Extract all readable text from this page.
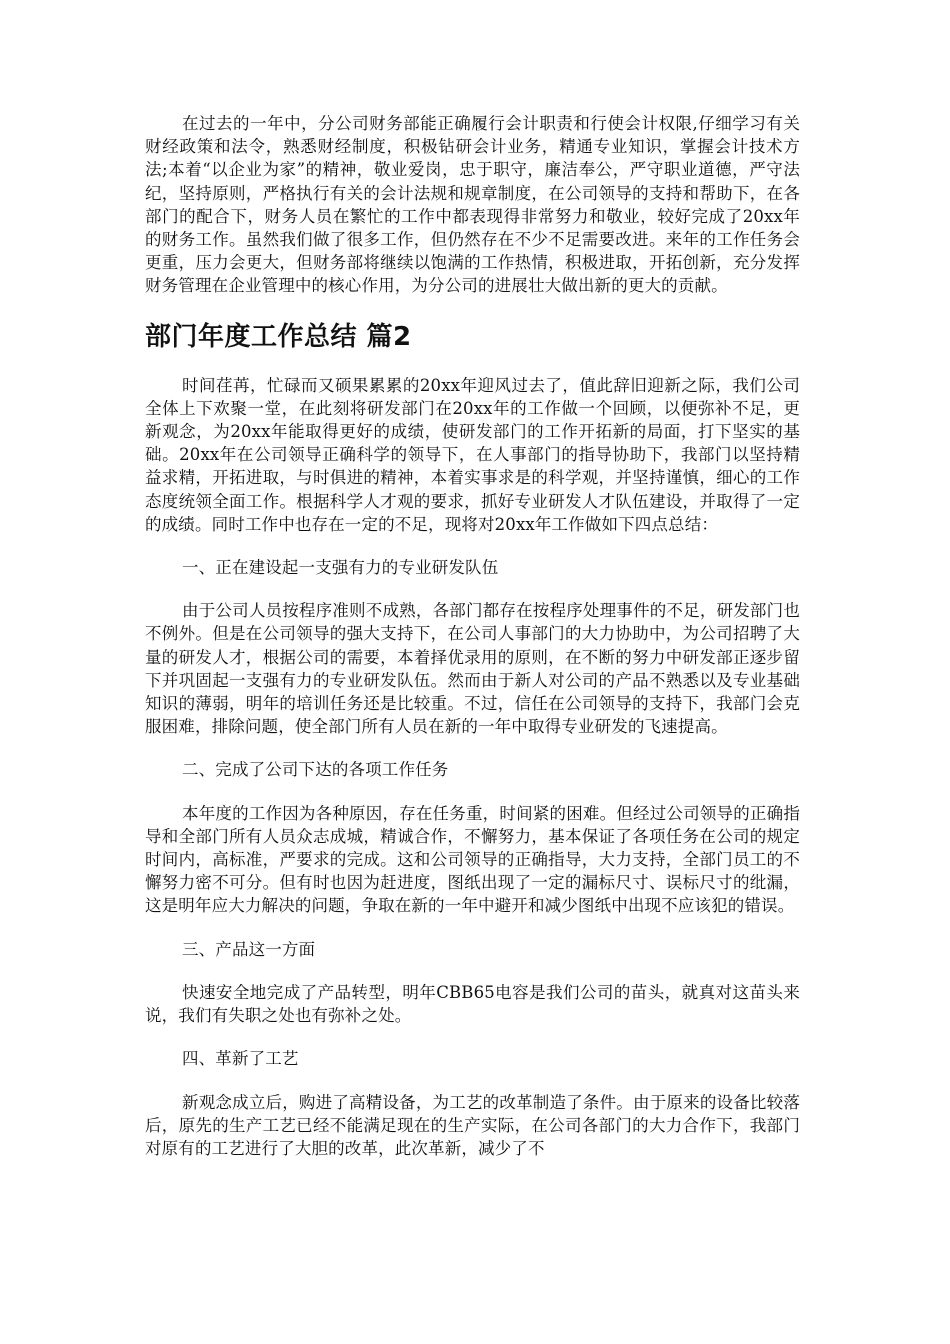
在过去的一年中，分公司财务部能正确履行会计职责和行使会计权限,仔细学习有关财经政策和法令，熟悉财经制度，积极钻研会计业务，精通专业知识，掌握会计技术方法;本着“以企业为家”的精神，敬业爱岗，忠于职守，廉洁奉公，严守职业道德，严守法纪，坚持原则，严格执行有关的会计法规和规章制度，在公司领导的支持和帮助下，在各部门的配合下，财务人员在繁忙的工作中都表现得非常努力和敬业，较好完成了20xx年的财务工作。虽然我们做了很多工作，但仍然存在不少不足需要改进。来年的工作任务会更重，压力会更大，但财务部将继续以饱满的工作热情，积极进取，开拓创新，充分发挥财务管理在企业管理中的核心作用，为分公司的进展壮大做出新的更大的贡献。

部门年度工作总结 篇2

时间荏苒，忙碌而又硕果累累的20xx年迎风过去了，值此辞旧迎新之际，我们公司全体上下欢聚一堂，在此刻将研发部门在20xx年的工作做一个回顾，以便弥补不足，更新观念，为20xx年能取得更好的成绩，使研发部门的工作开拓新的局面，打下坚实的基础。20xx年在公司领导正确科学的领导下，在人事部门的指导协助下，我部门以坚持精益求精，开拓进取，与时俱进的精神，本着实事求是的科学观，并坚持谨慎，细心的工作态度统领全面工作。根据科学人才观的要求，抓好专业研发人才队伍建设，并取得了一定的成绩。同时工作中也存在一定的不足，现将对20xx年工作做如下四点总结：

一、正在建设起一支强有力的专业研发队伍

由于公司人员按程序准则不成熟，各部门都存在按程序处理事件的不足，研发部门也不例外。但是在公司领导的强大支持下，在公司人事部门的大力协助中，为公司招聘了大量的研发人才，根据公司的需要，本着择优录用的原则，在不断的努力中研发部正逐步留下并巩固起一支强有力的专业研发队伍。然而由于新人对公司的产品不熟悉以及专业基础知识的薄弱，明年的培训任务还是比较重。不过，信任在公司领导的支持下，我部门会克服困难，排除问题，使全部门所有人员在新的一年中取得专业研发的飞速提高。

二、完成了公司下达的各项工作任务

本年度的工作因为各种原因，存在任务重，时间紧的困难。但经过公司领导的正确指导和全部门所有人员众志成城，精诚合作，不懈努力，基本保证了各项任务在公司的规定时间内，高标准，严要求的完成。这和公司领导的正确指导，大力支持，全部门员工的不懈努力密不可分。但有时也因为赶进度，图纸出现了一定的漏标尺寸、误标尺寸的纰漏，这是明年应大力解决的问题，争取在新的一年中避开和减少图纸中出现不应该犯的错误。

三、产品这一方面

快速安全地完成了产品转型，明年CBB65电容是我们公司的苗头，就真对这苗头来说，我们有失职之处也有弥补之处。

四、革新了工艺

新观念成立后，购进了高精设备，为工艺的改革制造了条件。由于原来的设备比较落后，原先的生产工艺已经不能满足现在的生产实际，在公司各部门的大力合作下，我部门对原有的工艺进行了大胆的改革，此次革新，减少了不
